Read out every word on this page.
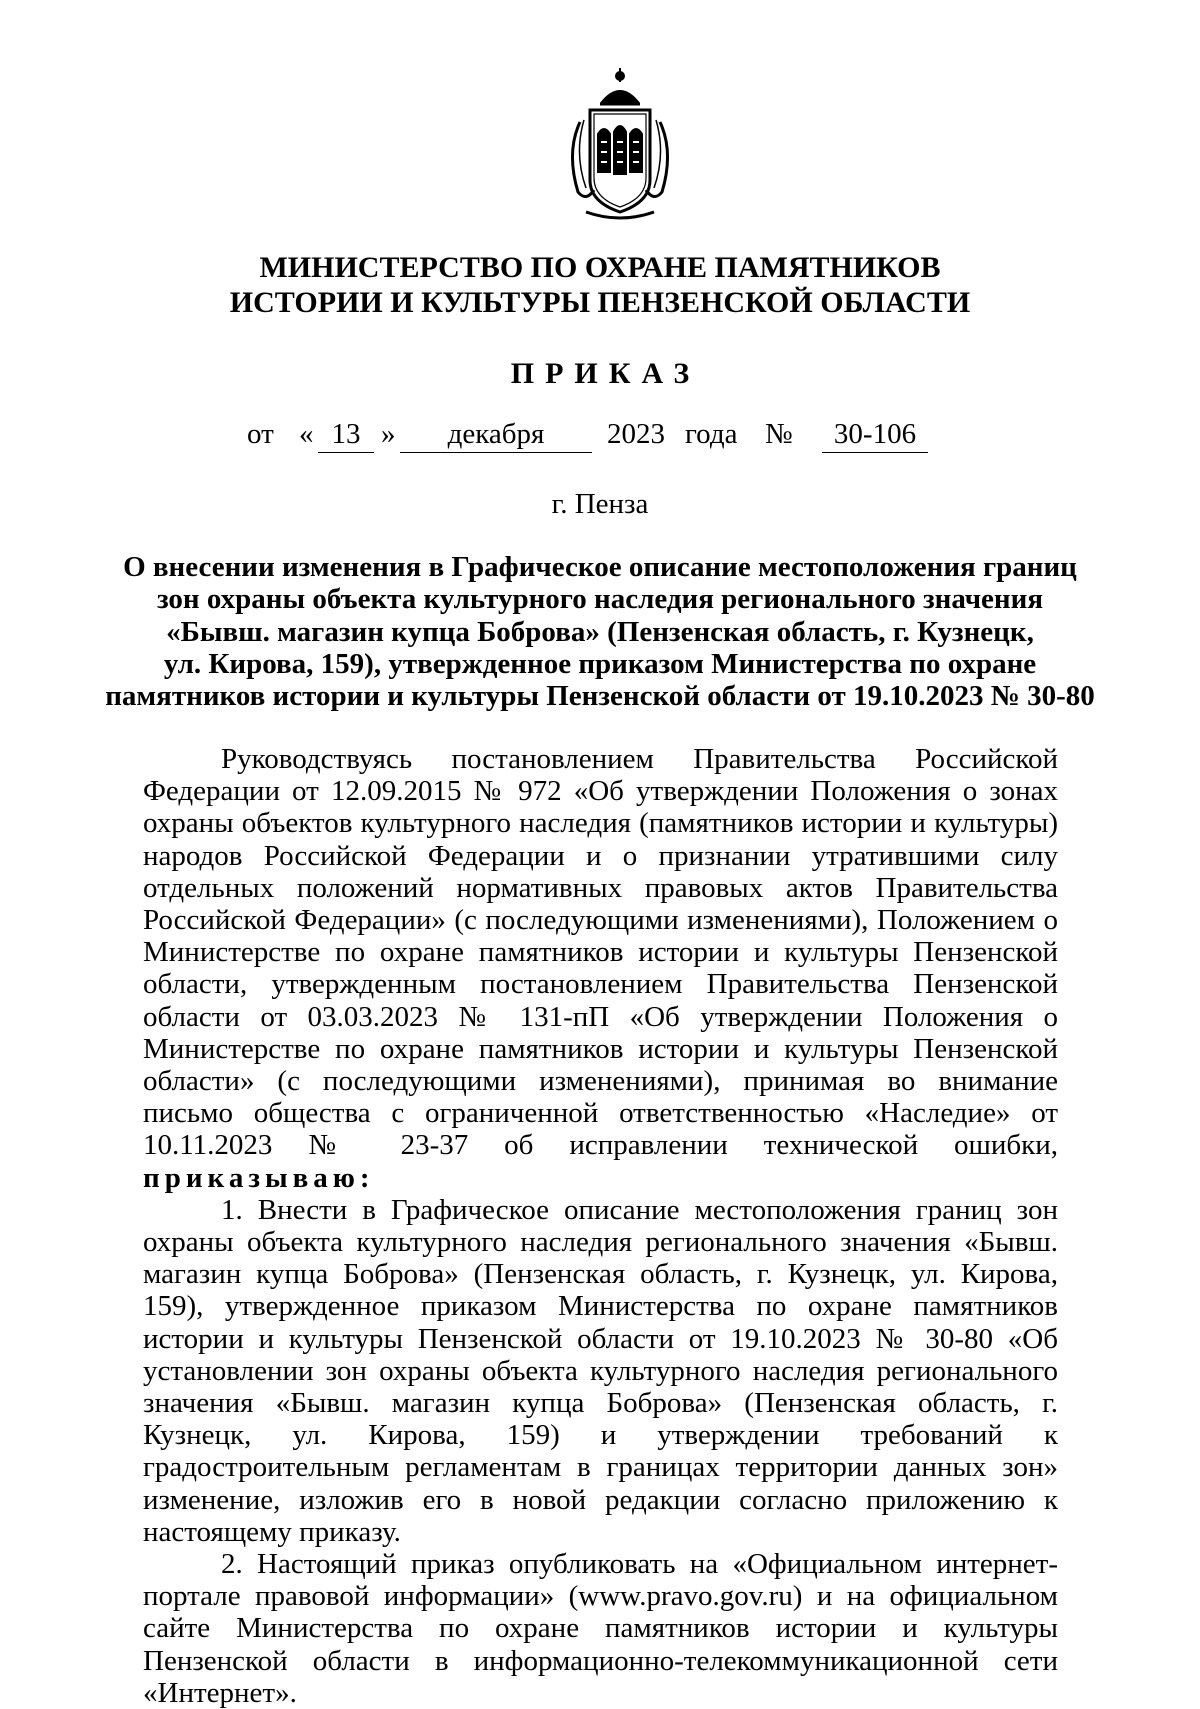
МИНИСТЕРСТВО ПО ОХРАНЕ ПАМЯТНИКОВ
ИСТОРИИ И КУЛЬТУРЫ ПЕНЗЕНСКОЙ ОБЛАСТИ
ПРИКАЗ
от « 13 »	декабря	2023 года №	30-106
г. Пенза
О внесении изменения в Графическое описание местоположения границ
зон охраны объекта культурного наследия регионального значения
«Бывш. магазин купца Боброва» (Пензенская область, г. Кузнецк,
ул. Кирова, 159), утвержденное приказом Министерства по охране
памятников истории и культуры Пензенской области от 19.10.2023 № 30-80

Руководствуясь постановлением Правительства Российской Федерации от 12.09.2015 № 972 «Об утверждении Положения о зонах охраны объектов культурного наследия (памятников истории и культуры) народов Российской Федерации и о признании утратившими силу отдельных положений нормативных правовых актов Правительства Российской Федерации» (с последующими изменениями), Положением о Министерстве по охране памятников истории и культуры Пензенской области, утвержденным постановлением Правительства Пензенской области от 03.03.2023 № 131-пП «Об утверждении Положения о Министерстве по охране памятников истории и культуры Пензенской области» (с последующими изменениями), принимая во внимание письмо общества с ограниченной ответственностью «Наследие» от 10.11.2023 № 23-37 об исправлении технической ошибки, приказываю:

1. Внести в Графическое описание местоположения границ зон охраны объекта культурного наследия регионального значения «Бывш. магазин купца Боброва» (Пензенская область, г. Кузнецк, ул. Кирова, 159), утвержденное приказом Министерства по охране памятников истории и культуры Пензенской области от 19.10.2023 № 30-80 «Об установлении зон охраны объекта культурного наследия регионального значения «Бывш. магазин купца Боброва» (Пензенская область, г. Кузнецк, ул. Кирова, 159) и утверждении требований к градостроительным регламентам в границах территории данных зон» изменение, изложив его в новой редакции согласно приложению к настоящему приказу.

2. Настоящий приказ опубликовать на «Официальном интернет-портале правовой информации» (www.pravo.gov.ru) и на официальном сайте Министерства по охране памятников истории и культуры Пензенской области в информационно-телекоммуникационной сети «Интернет».
